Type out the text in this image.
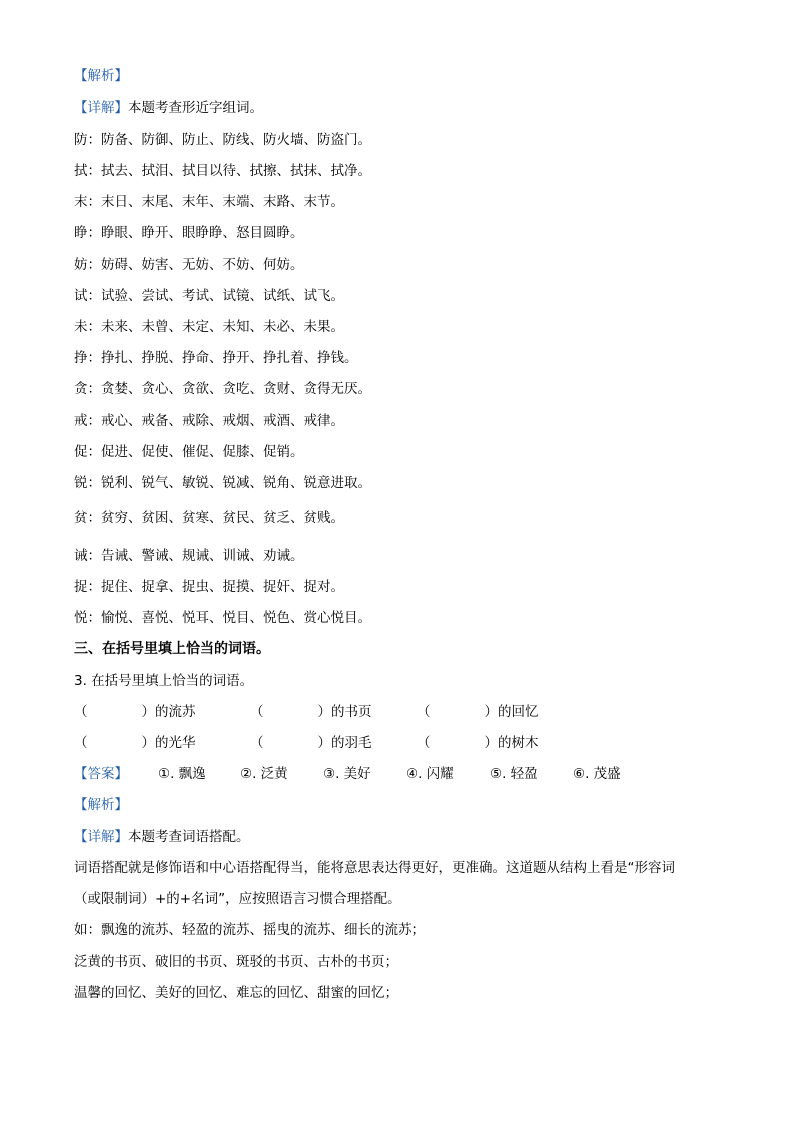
【解析】
【详解】本题考查形近字组词。
防：防备、防御、防止、防线、防火墙、防盗门。
拭：拭去、拭泪、拭目以待、拭擦、拭抹、拭净。
末：末日、末尾、末年、末端、末路、末节。
睁：睁眼、睁开、眼睁睁、怒目圆睁。
妨：妨碍、妨害、无妨、不妨、何妨。
试：试验、尝试、考试、试镜、试纸、试飞。
未：未来、未曾、未定、未知、未必、未果。
挣：挣扎、挣脱、挣命、挣开、挣扎着、挣钱。
贪：贪婪、贪心、贪欲、贪吃、贪财、贪得无厌。
戒：戒心、戒备、戒除、戒烟、戒酒、戒律。
促：促进、促使、催促、促膝、促销。
锐：锐利、锐气、敏锐、锐减、锐角、锐意进取。
贫：贫穷、贫困、贫寒、贫民、贫乏、贫贱。
诫：告诫、警诫、规诫、训诫、劝诫。
捉：捉住、捉拿、捉虫、捉摸、捉奸、捉对。
悦：愉悦、喜悦、悦耳、悦目、悦色、赏心悦目。
三、在括号里填上恰当的词语。
3. 在括号里填上恰当的词语。
（　　　　）的流苏	（　　　　）的书页	（　　　　）的回忆
（　　　　）的光华	（　　　　）的羽毛	（　　　　）的树木
【答案】 ①. 飘逸	②. 泛黄	③. 美好	④. 闪耀	⑤. 轻盈	⑥. 茂盛
【解析】
【详解】本题考查词语搭配。
词语搭配就是修饰语和中心语搭配得当，能将意思表达得更好，更准确。这道题从结构上看是“形容词
（或限制词）+的+名词”，应按照语言习惯合理搭配。
如：飘逸的流苏、轻盈的流苏、摇曳的流苏、细长的流苏；
泛黄的书页、破旧的书页、斑驳的书页、古朴的书页；
温馨的回忆、美好的回忆、难忘的回忆、甜蜜的回忆；
